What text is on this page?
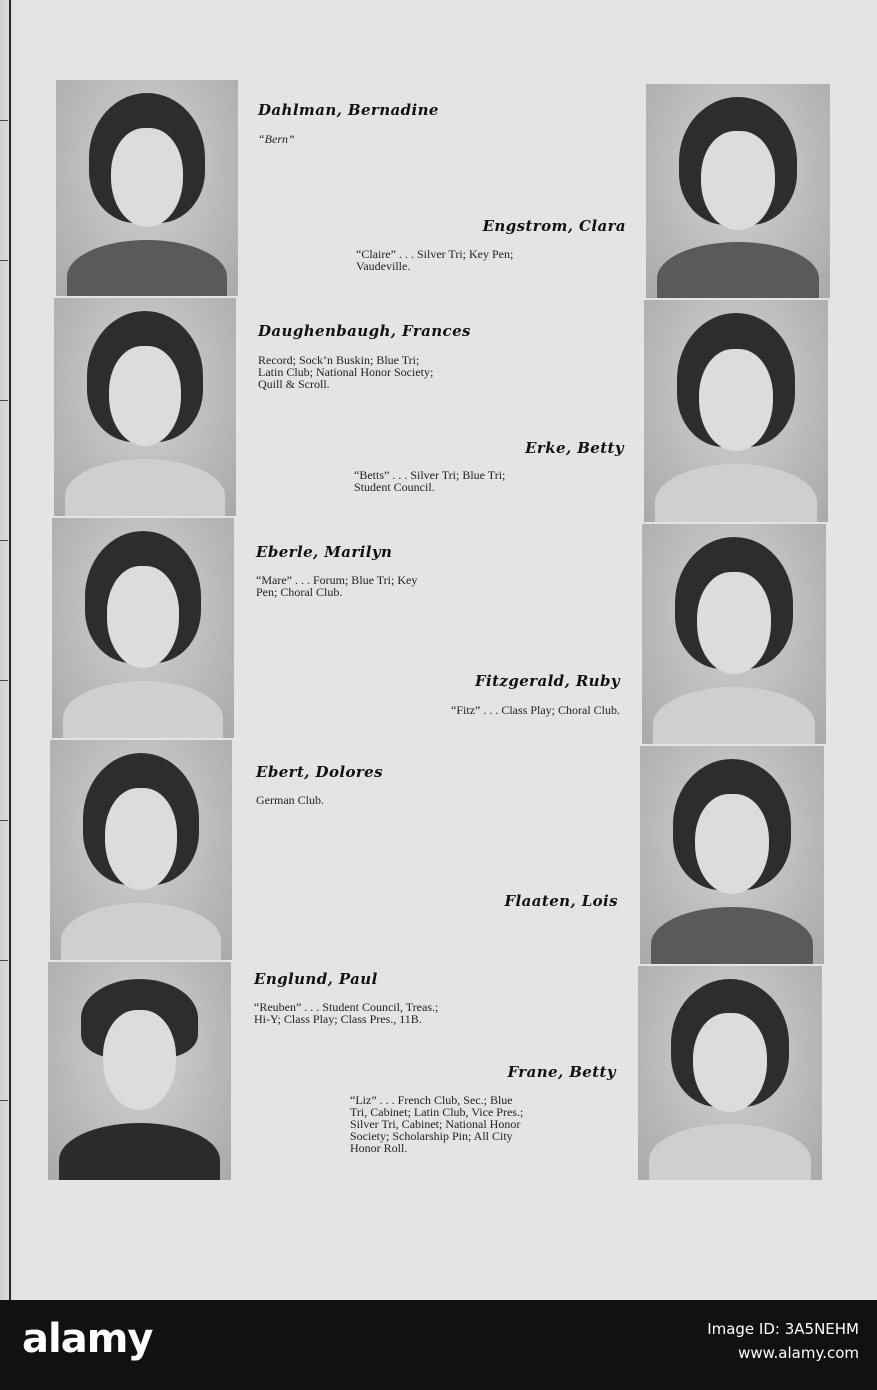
Dahlman, Bernadine
“Bern”
Engstrom, Clara
“Claire” . . . Silver Tri; Key Pen;
Vaudeville.
Daughenbaugh, Frances
Record; Sock’n Buskin; Blue Tri;
Latin Club; National Honor Society;
Quill & Scroll.
Erke, Betty
“Betts” . . . Silver Tri; Blue Tri;
Student Council.
Eberle, Marilyn
“Mare” . . . Forum; Blue Tri; Key
Pen; Choral Club.
Fitzgerald, Ruby
“Fitz” . . . Class Play; Choral Club.
Ebert, Dolores
German Club.
Flaaten, Lois
Englund, Paul
“Reuben” . . . Student Council, Treas.;
Hi-Y; Class Play; Class Pres., 11B.
Frane, Betty
“Liz” . . . French Club, Sec.; Blue
Tri, Cabinet; Latin Club, Vice Pres.;
Silver Tri, Cabinet; National Honor
Society; Scholarship Pin; All City
Honor Roll.
alamy	Image ID: 3A5NEHM
www.alamy.com
